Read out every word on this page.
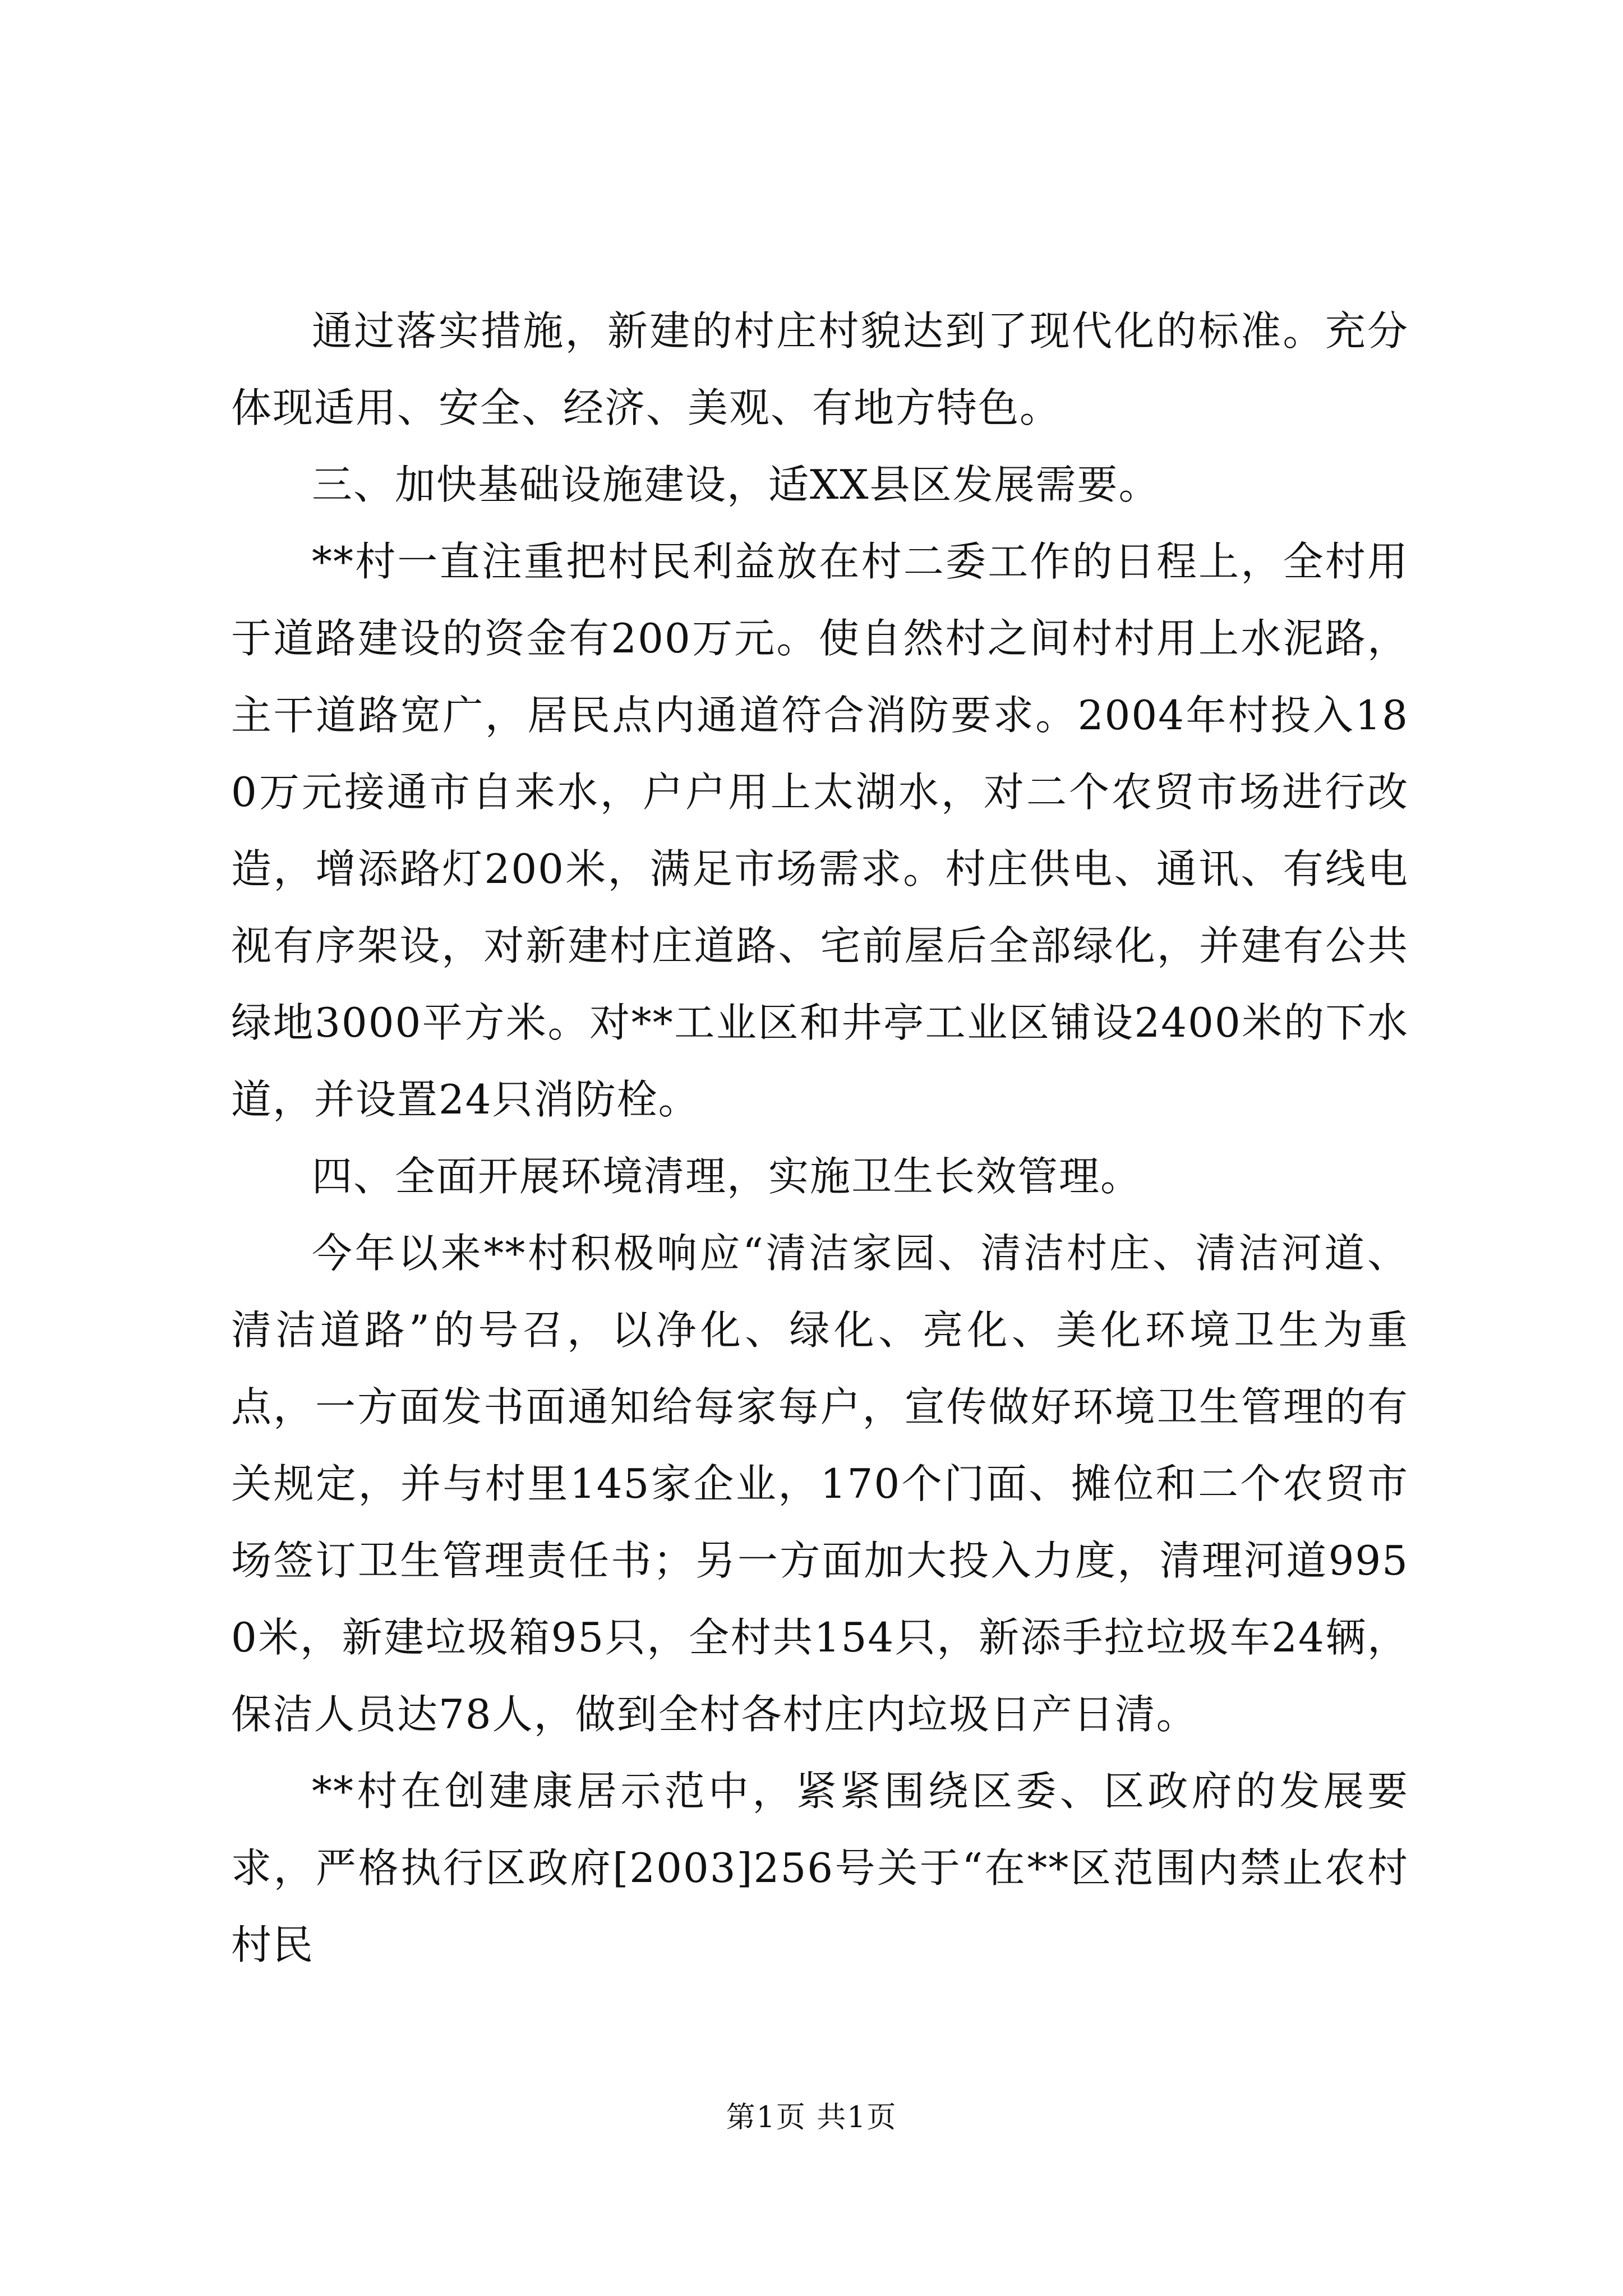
通过落实措施，新建的村庄村貌达到了现代化的标准。充分体现适用、安全、经济、美观、有地方特色。

三、加快基础设施建设，适XX县区发展需要。

**村一直注重把村民利益放在村二委工作的日程上，全村用于道路建设的资金有200万元。使自然村之间村村用上水泥路，主干道路宽广，居民点内通道符合消防要求。2004年村投入180万元接通市自来水，户户用上太湖水，对二个农贸市场进行改造，增添路灯200米，满足市场需求。村庄供电、通讯、有线电视有序架设，对新建村庄道路、宅前屋后全部绿化，并建有公共绿地3000平方米。对**工业区和井亭工业区铺设2400米的下水道，并设置24只消防栓。

四、全面开展环境清理，实施卫生长效管理。

今年以来**村积极响应“清洁家园、清洁村庄、清洁河道、清洁道路”的号召，以净化、绿化、亮化、美化环境卫生为重点，一方面发书面通知给每家每户，宣传做好环境卫生管理的有关规定，并与村里145家企业，170个门面、摊位和二个农贸市场签订卫生管理责任书；另一方面加大投入力度，清理河道9950米，新建垃圾箱95只，全村共154只，新添手拉垃圾车24辆，保洁人员达78人，做到全村各村庄内垃圾日产日清。

**村在创建康居示范中，紧紧围绕区委、区政府的发展要求，严格执行区政府[2003]256号关于“在**区范围内禁止农村村民

第1页 共1页
